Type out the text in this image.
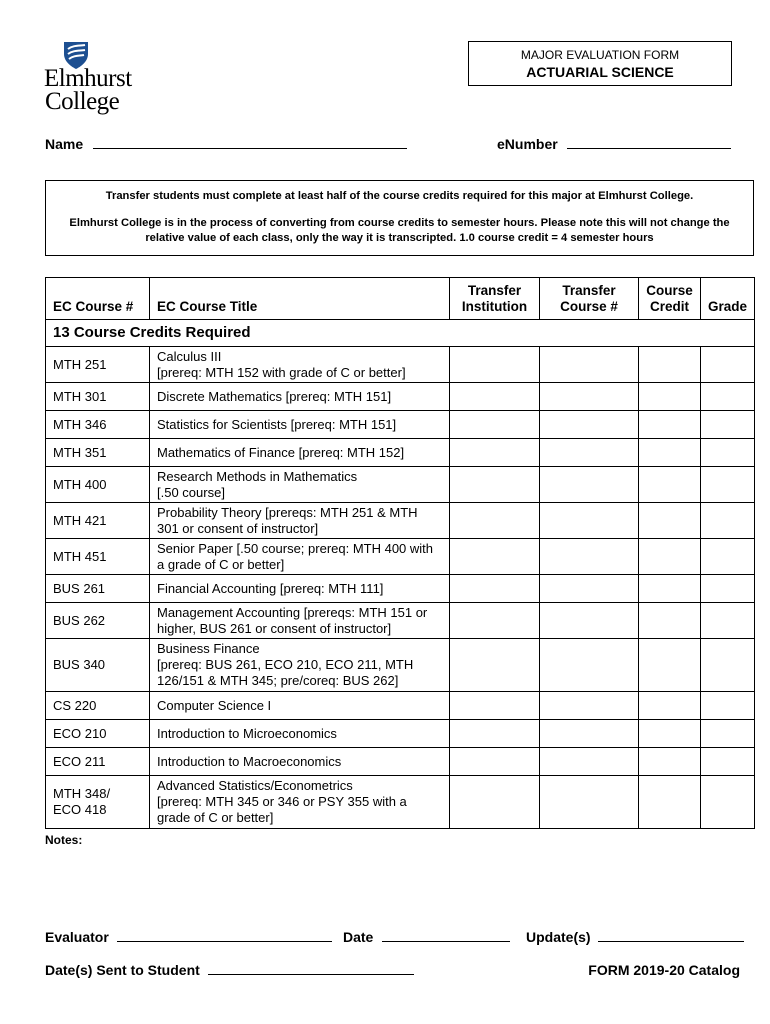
Elmhurst
College
MAJOR EVALUATION FORM
ACTUARIAL SCIENCE
Name	eNumber

Transfer students must complete at least half of the course credits required for this major at Elmhurst College.

Elmhurst College is in the process of converting from course credits to semester hours. Please note this will not change the relative value of each class, only the way it is transcripted. 1.0 course credit = 4 semester hours

EC Course #	EC Course Title	Transfer Institution	Transfer Course #	Course Credit	Grade
13 Course Credits Required					
MTH 251	Calculus III
[prereq: MTH 152 with grade of C or better]				
MTH 301	Discrete Mathematics [prereq: MTH 151]				
MTH 346	Statistics for Scientists [prereq: MTH 151]				
MTH 351	Mathematics of Finance [prereq: MTH 152]				
MTH 400	Research Methods in Mathematics
[.50 course]				
MTH 421	Probability Theory [prereqs: MTH 251 & MTH 301 or consent of instructor]				
MTH 451	Senior Paper [.50 course; prereq: MTH 400 with a grade of C or better]				
BUS 261	Financial Accounting [prereq: MTH 111]				
BUS 262	Management Accounting [prereqs: MTH 151 or higher, BUS 261 or consent of instructor]				
BUS 340	Business Finance
[prereq: BUS 261, ECO 210, ECO 211, MTH 126/151 & MTH 345; pre/coreq: BUS 262]				
CS 220	Computer Science I				
ECO 210	Introduction to Microeconomics				
ECO 211	Introduction to Macroeconomics				
MTH 348/
ECO 418	Advanced Statistics/Econometrics
[prereq: MTH 345 or 346 or PSY 355 with a grade of C or better]				
Notes:
Evaluator	Date	Update(s)
Date(s) Sent to Student	FORM 2019-20 Catalog
